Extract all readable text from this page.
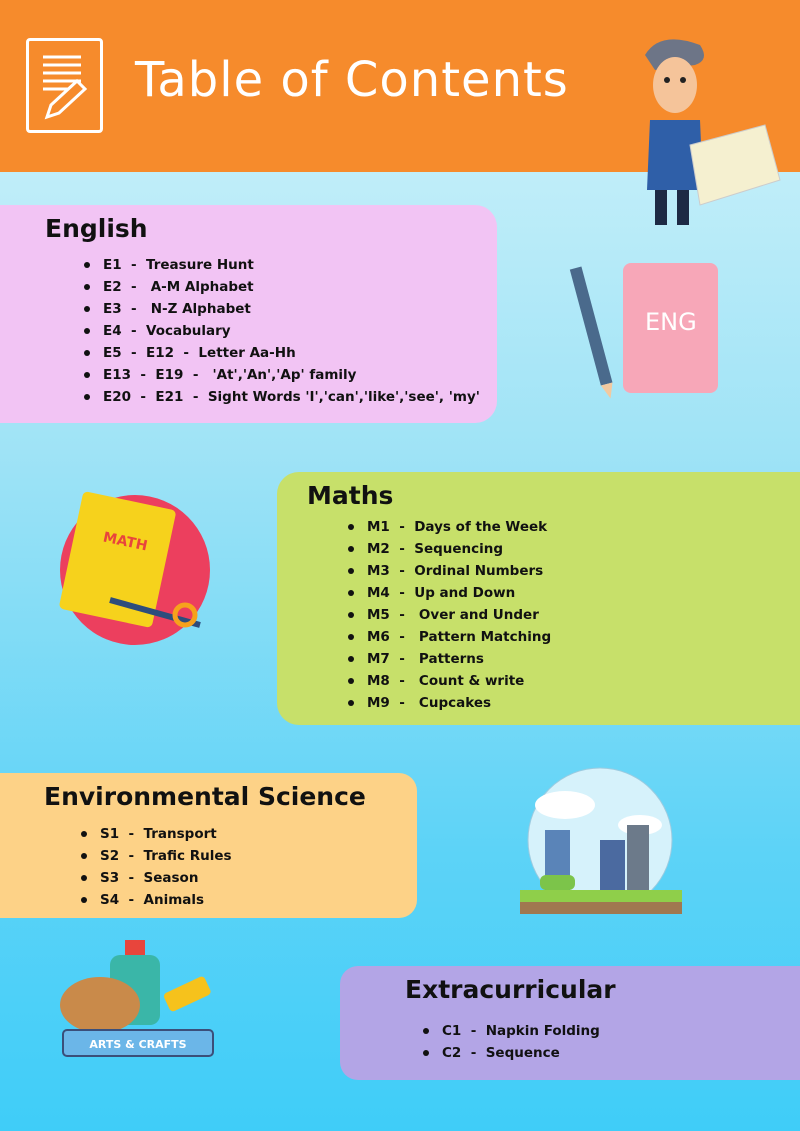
Table of Contents
ENG
MATH
ARTS & CRAFTS
English
E1  -  Treasure Hunt
E2  -   A-M Alphabet
E3  -   N-Z Alphabet
E4  -  Vocabulary
E5  -  E12  -  Letter Aa-Hh
E13  -  E19  -   'At','An','Ap' family
E20  -  E21  -  Sight Words 'I','can','like','see', 'my'
Maths
M1  -  Days of the Week
M2  -  Sequencing
M3  -  Ordinal Numbers
M4  -  Up and Down
M5  -   Over and Under
M6  -   Pattern Matching
M7  -   Patterns
M8  -   Count & write
M9  -   Cupcakes
Environmental Science
S1  -  Transport
S2  -  Trafic Rules
S3  -  Season
S4  -  Animals
Extracurricular
C1  -  Napkin Folding
C2  -  Sequence
